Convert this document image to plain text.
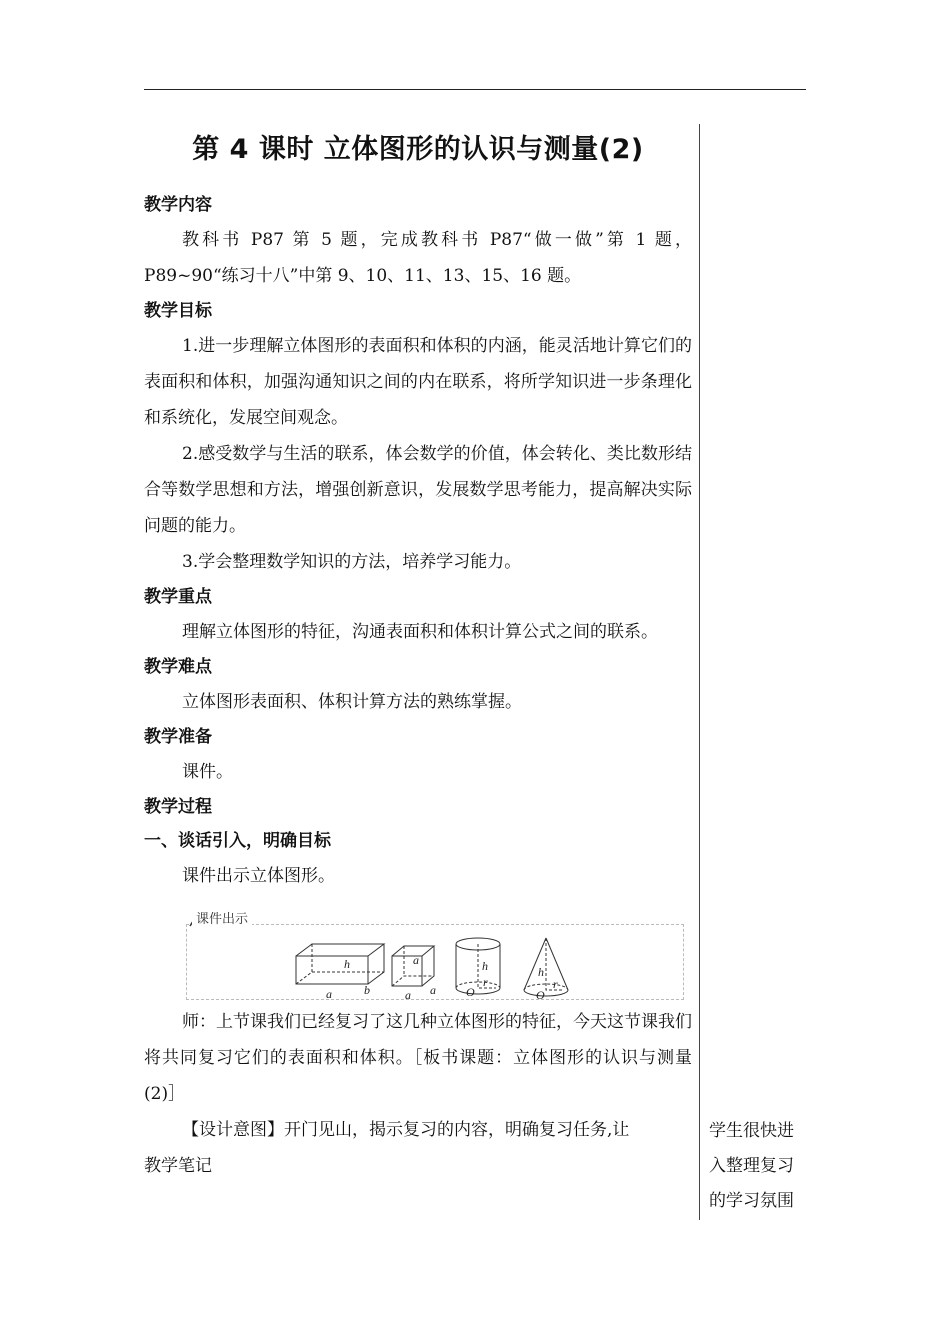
第 4 课时 立体图形的认识与测量(2)
教学内容

教科书 P87 第 5 题，完成教科书 P87“做一做”第 1 题，P89~90“练习十八”中第 9、10、11、13、15、16 题。

教学目标

1.进一步理解立体图形的表面积和体积的内涵，能灵活地计算它们的表面积和体积，加强沟通知识之间的内在联系，将所学知识进一步条理化和系统化，发展空间观念。

2.感受数学与生活的联系，体会数学的价值，体会转化、类比数形结合等数学思想和方法，增强创新意识，发展数学思考能力，提高解决实际问题的能力。

3.学会整理数学知识的方法，培养学习能力。

教学重点

理解立体图形的特征，沟通表面积和体积计算公式之间的联系。

教学难点

立体图形表面积、体积计算方法的熟练掌握。

教学准备

课件。

教学过程
一、谈话引入，明确目标

课件出示立体图形。

h
a	b
a
a a
h
O
r
h
O
r
课件出示

师：上节课我们已经复习了这几种立体图形的特征，今天这节课我们将共同复习它们的表面积和体积。［板书课题：立体图形的认识与测量(2)］

【设计意图】开门见山，揭示复习的内容，明确复习任务,让

教学笔记

学生很快进入整理复习的学习氛围
